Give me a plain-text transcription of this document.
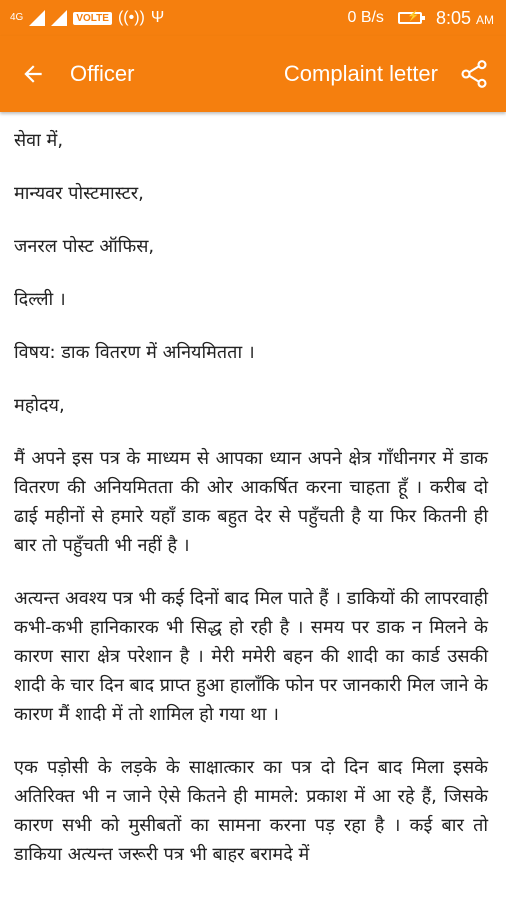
4G	VOLTE ((•)) Ψ	0 B/s ⚡ 8:05 AM
Officer	Complaint letter

सेवा में,

मान्यवर पोस्टमास्टर,

जनरल पोस्ट ऑफिस,

दिल्ली ।

विषय: डाक वितरण में अनियमितता ।

महोदय,

मैं अपने इस पत्र के माध्यम से आपका ध्यान अपने क्षेत्र गाँधीनगर में डाक वितरण की अनियमितता की ओर आकर्षित करना चाहता हूँ । करीब दो ढाई महीनों से हमारे यहाँ डाक बहुत देर से पहुँचती है या फिर कितनी ही बार तो पहुँचती भी नहीं है ।

अत्यन्त अवश्य पत्र भी कई दिनों बाद मिल पाते हैं । डाकियों की लापरवाही कभी-कभी हानिकारक भी सिद्ध हो रही है । समय पर डाक न मिलने के कारण सारा क्षेत्र परेशान है । मेरी ममेरी बहन की शादी का कार्ड उसकी शादी के चार दिन बाद प्राप्त हुआ हालाँकि फोन पर जानकारी मिल जाने के कारण मैं शादी में तो शामिल हो गया था ।

एक पड़ोसी के लड़के के साक्षात्कार का पत्र दो दिन बाद मिला इसके अतिरिक्त भी न जाने ऐसे कितने ही मामले: प्रकाश में आ रहे हैं, जिसके कारण सभी को मुसीबतों का सामना करना पड़ रहा है । कई बार तो डाकिया अत्यन्त जरूरी पत्र भी बाहर बरामदे में
